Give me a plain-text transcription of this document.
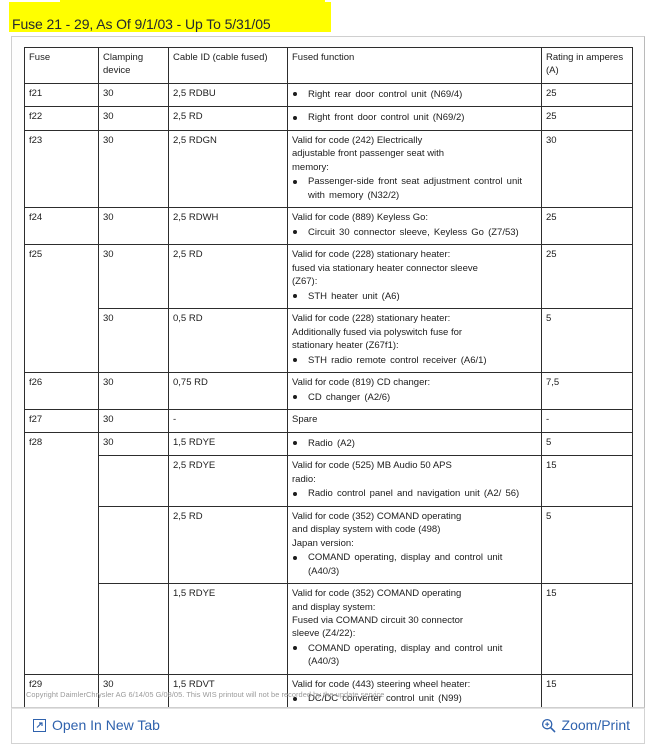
Fuse 21 - 29, As Of 9/1/03 - Up To 5/31/05
Fuse	Clamping device	Cable ID (cable fused)	Fused function	Rating in amperes (A)
f21	30	2,5 RDBU	Right rear door control unit (N69/4)	25
f22	30	2,5 RD	Right front door control unit (N69/2)	25
f23	30	2,5 RDGN	Valid for code (242) Electrically
adjustable front passenger seat with
memory:
Passenger-side front seat adjustment control unit with memory (N32/2)	30
f24	30	2,5 RDWH	Valid for code (889) Keyless Go:
Circuit 30 connector sleeve, Keyless Go (Z7/53)	25
f25	30	2,5 RD	Valid for code (228) stationary heater:
fused via stationary heater connector sleeve
(Z67):
STH heater unit (A6)	25
	30	0,5 RD	Valid for code (228) stationary heater:
Additionally fused via polyswitch fuse for
stationary heater (Z67f1):
STH radio remote control receiver (A6/1)	5
f26	30	0,75 RD	Valid for code (819) CD changer:
CD changer (A2/6)	7,5
f27	30	-	Spare	-
f28	30	1,5 RDYE	Radio (A2)	5
		2,5 RDYE	Valid for code (525) MB Audio 50 APS
radio:
Radio control panel and navigation unit (A2/ 56)	15
		2,5 RD	Valid for code (352) COMAND operating
and display system with code (498)
Japan version:
COMAND operating, display and control unit (A40/3)	5
		1,5 RDYE	Valid for code (352) COMAND operating
and display system:
Fused via COMAND circuit 30 connector
sleeve (Z4/22):
COMAND operating, display and control unit (A40/3)	15
f29	30	1,5 RDVT	Valid for code (443) steering wheel heater:
DC/DC converter control unit (N99)	15
Copyright DaimlerChrysler AG 6/14/05 G/08/05. This WIS printout will not be recorded by the update service
Open In New Tab	Zoom/Print
